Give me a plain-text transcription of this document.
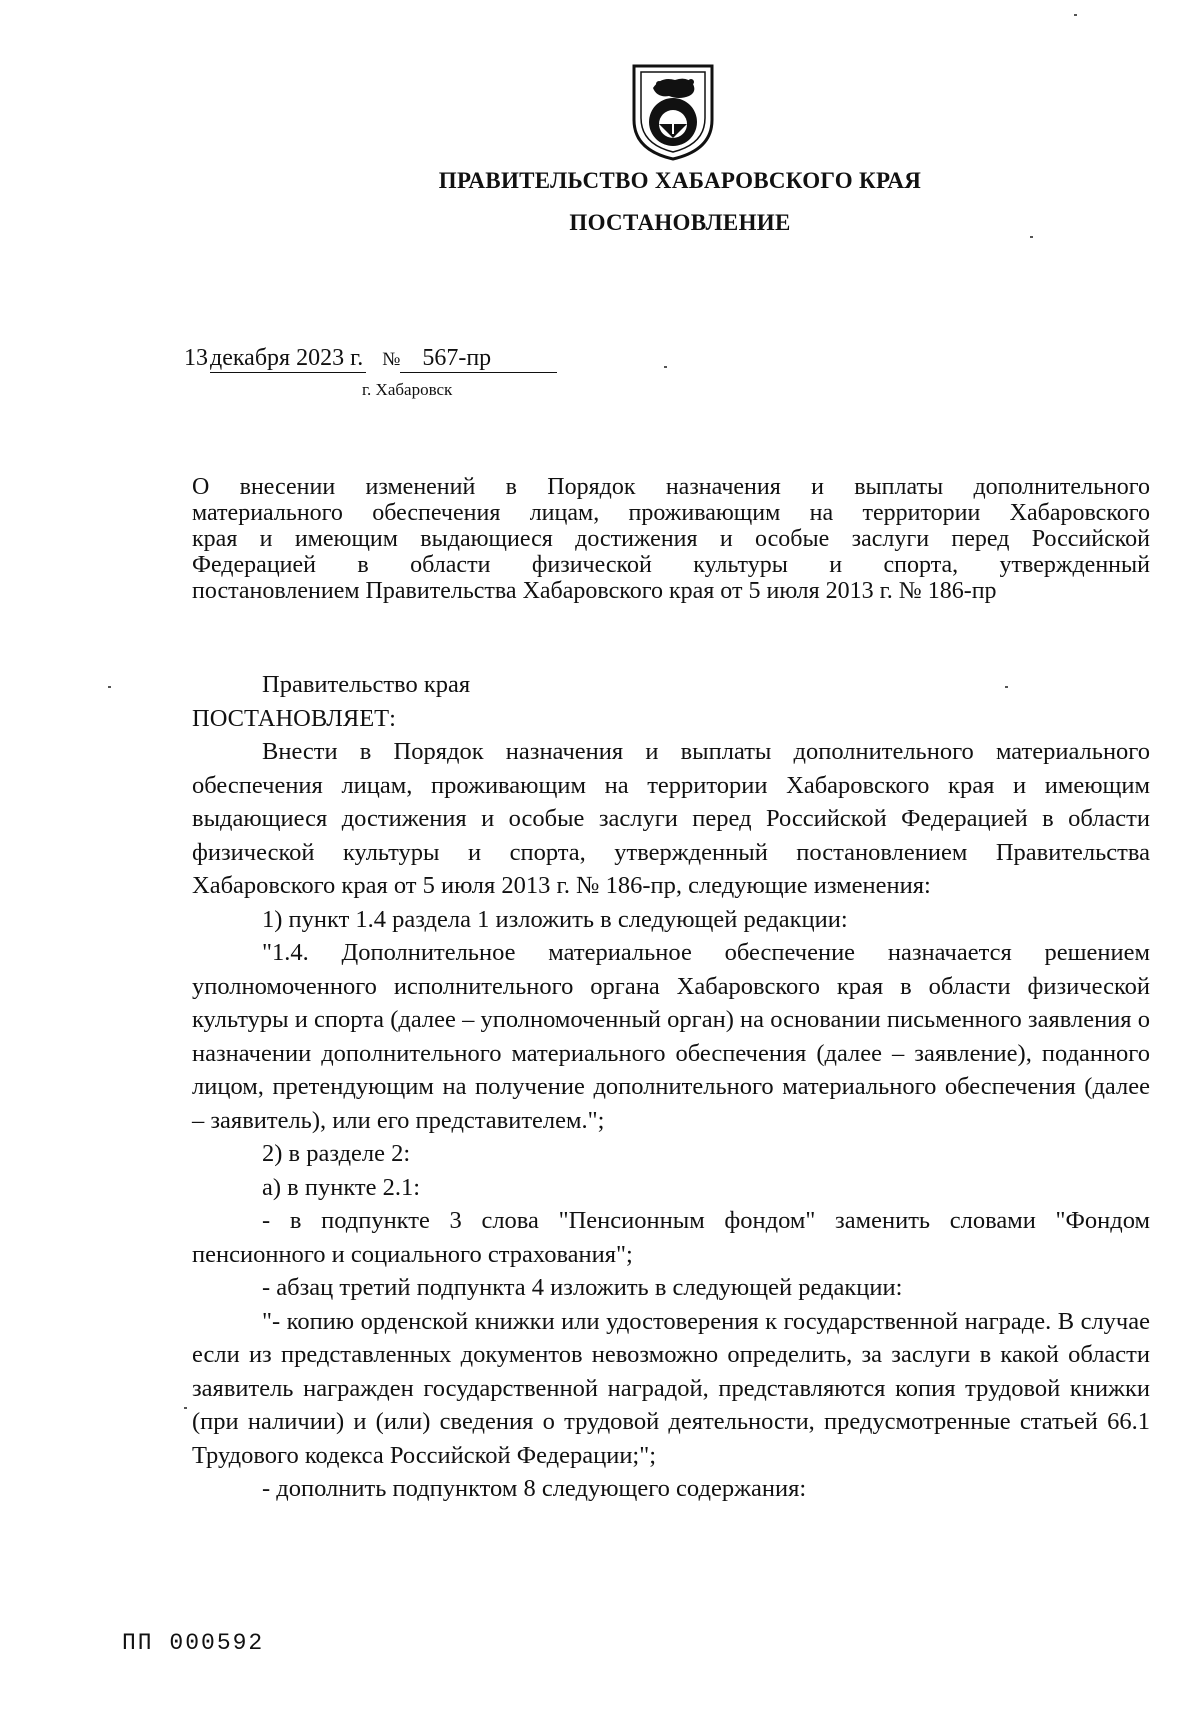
ПРАВИТЕЛЬСТВО ХАБАРОВСКОГО КРАЯ
ПОСТАНОВЛЕНИЕ
13декабря 2023 г. № 567-пр
г. Хабаровск

О внесении изменений в Порядок назначения и выплаты дополнительного

материального обеспечения лицам, проживающим на территории Хабаровского

края и имеющим выдающиеся достижения и особые заслуги перед Российской

Федерацией в области физической культуры и спорта, утвержденный

постановлением Правительства Хабаровского края от 5 июля 2013 г. № 186-пр

Правительство края

ПОСТАНОВЛЯЕТ:

Внести в Порядок назначения и выплаты дополнительного материального обеспечения лицам, проживающим на территории Хабаровского края и имеющим выдающиеся достижения и особые заслуги перед Российской Федерацией в области физической культуры и спорта, утвержденный постановлением Правительства Хабаровского края от 5 июля 2013 г. № 186-пр, следующие изменения:

1) пункт 1.4 раздела 1 изложить в следующей редакции:

"1.4. Дополнительное материальное обеспечение назначается решением уполномоченного исполнительного органа Хабаровского края в области физической культуры и спорта (далее – уполномоченный орган) на основании письменного заявления о назначении дополнительного материального обеспечения (далее – заявление), поданного лицом, претендующим на получение дополнительного материального обеспечения (далее – заявитель), или его представителем.";

2) в разделе 2:

а) в пункте 2.1:

- в подпункте 3 слова "Пенсионным фондом" заменить словами "Фондом пенсионного и социального страхования";

- абзац третий подпункта 4 изложить в следующей редакции:

"- копию орденской книжки или удостоверения к государственной награде. В случае если из представленных документов невозможно определить, за заслуги в какой области заявитель награжден государственной наградой, представляются копия трудовой книжки (при наличии) и (или) сведения о трудовой деятельности, предусмотренные статьей 66.1 Трудового кодекса Российской Федерации;";

- дополнить подпунктом 8 следующего содержания:

ПП 000592
